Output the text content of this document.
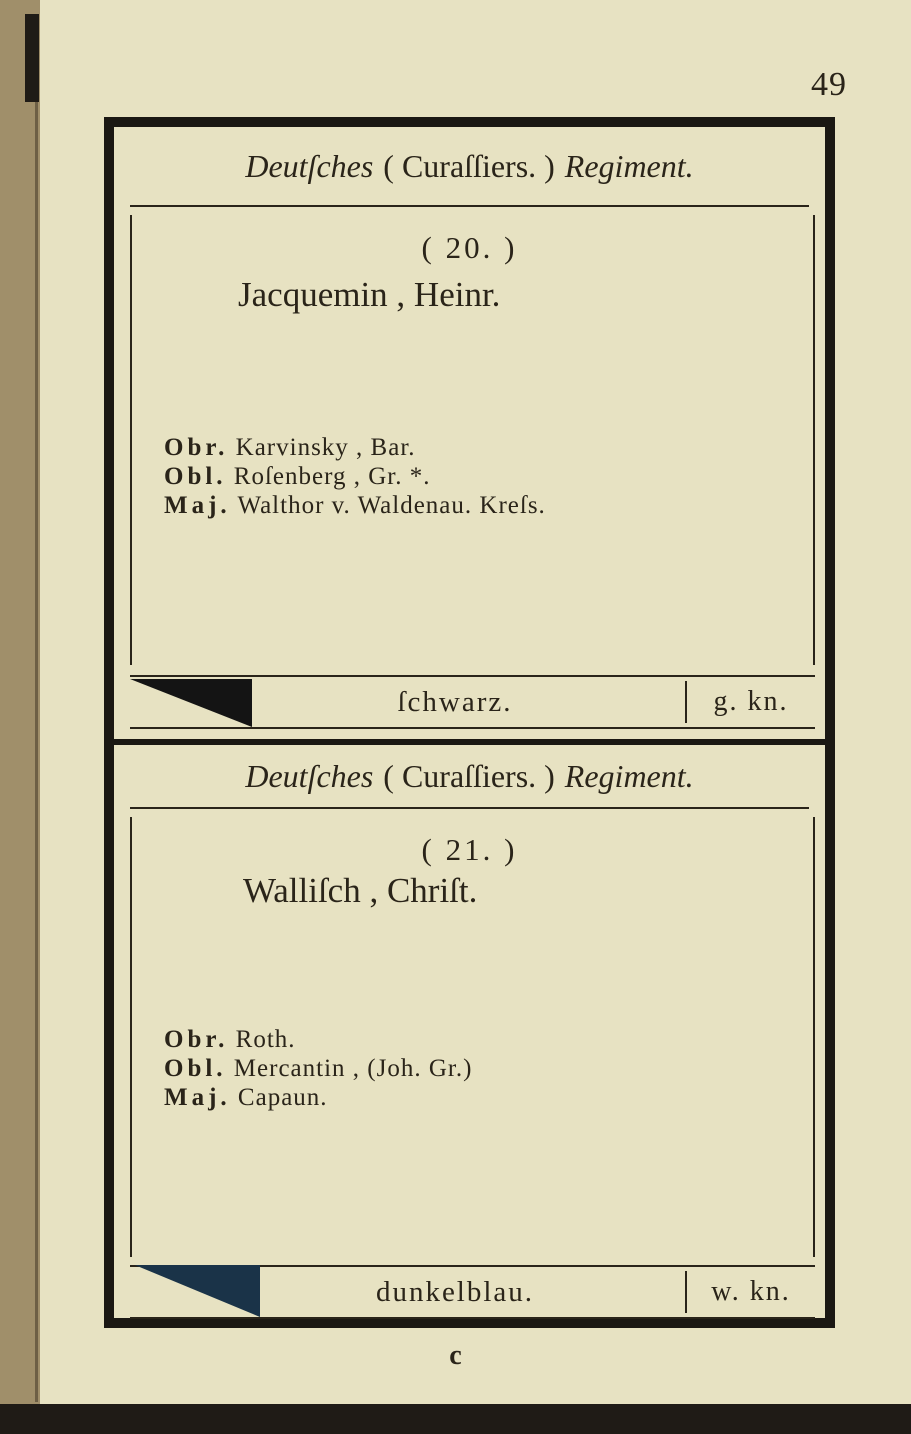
49
Deutſches ( Curaſſiers. ) Regiment.
( 20. )
Jacquemin , Heinr.
Obr. Karvinsky , Bar.
Obl. Roſenberg , Gr. *.
Maj. Walthor v. Waldenau. Kreſs.
ſchwarz.	g. kn.
Deutſches ( Curaſſiers. ) Regiment.
( 21. )
Walliſch , Chriſt.
Obr. Roth.
Obl. Mercantin , (Joh. Gr.)
Maj. Capaun.
dunkelblau.	w. kn.
c
